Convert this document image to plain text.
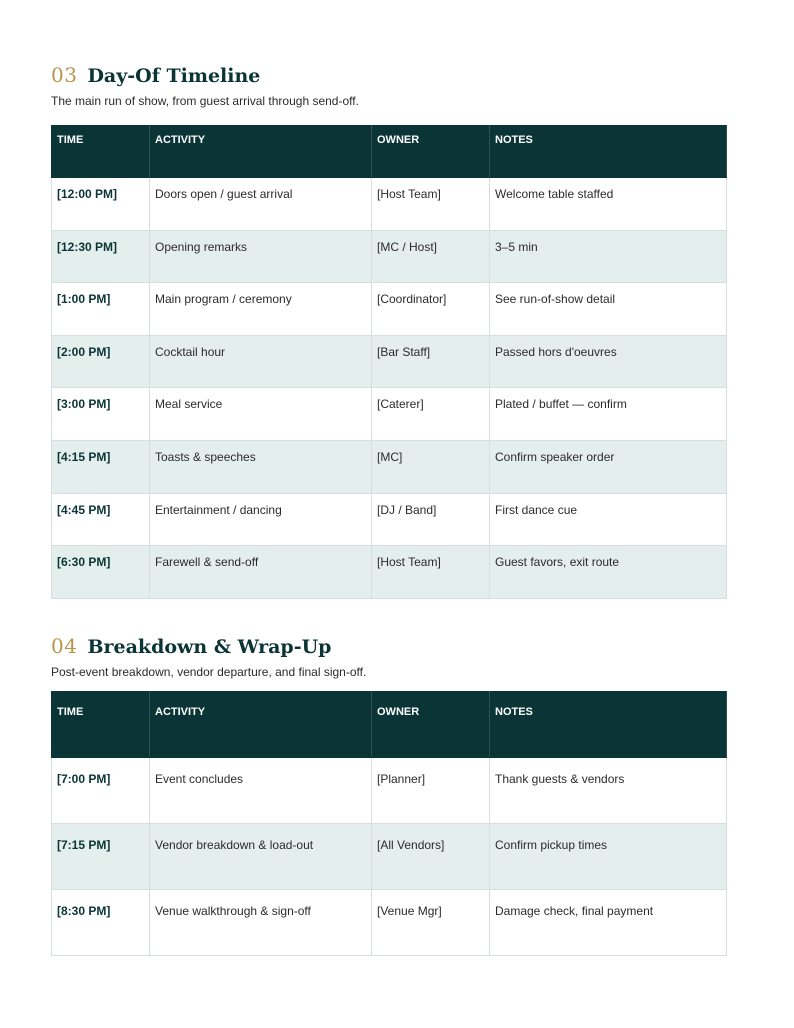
03 Day-Of Timeline
The main run of show, from guest arrival through send-off.
TIME	ACTIVITY	OWNER	NOTES
[12:00 PM]	Doors open / guest arrival	[Host Team]	Welcome table staffed
[12:30 PM]	Opening remarks	[MC / Host]	3–5 min
[1:00 PM]	Main program / ceremony	[Coordinator]	See run-of-show detail
[2:00 PM]	Cocktail hour	[Bar Staff]	Passed hors d'oeuvres
[3:00 PM]	Meal service	[Caterer]	Plated / buffet — confirm
[4:15 PM]	Toasts & speeches	[MC]	Confirm speaker order
[4:45 PM]	Entertainment / dancing	[DJ / Band]	First dance cue
[6:30 PM]	Farewell & send-off	[Host Team]	Guest favors, exit route
04 Breakdown & Wrap-Up
Post-event breakdown, vendor departure, and final sign-off.
TIME	ACTIVITY	OWNER	NOTES
[7:00 PM]	Event concludes	[Planner]	Thank guests & vendors
[7:15 PM]	Vendor breakdown & load-out	[All Vendors]	Confirm pickup times
[8:30 PM]	Venue walkthrough & sign-off	[Venue Mgr]	Damage check, final payment
